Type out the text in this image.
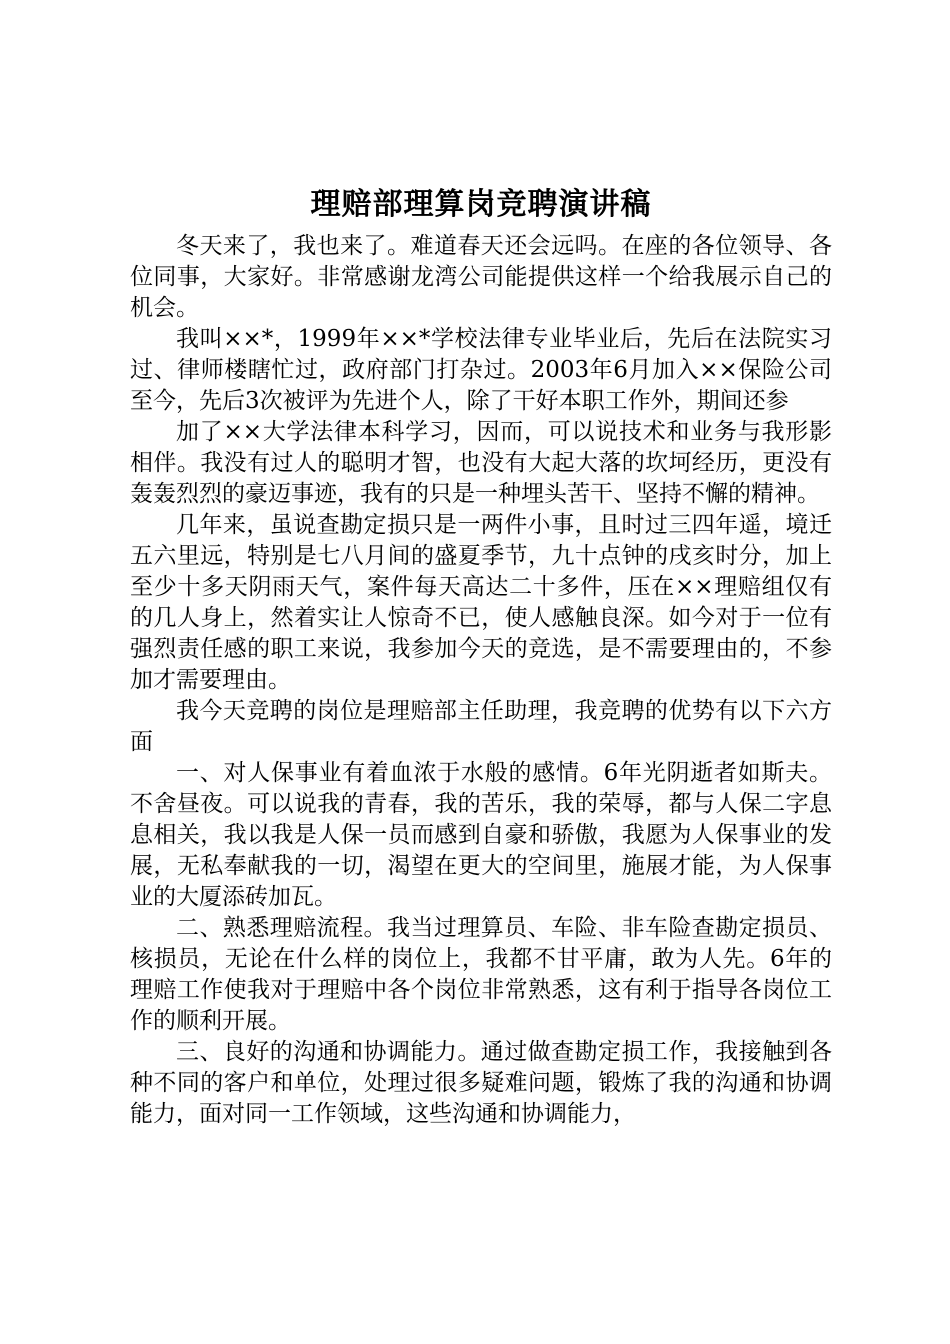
理赔部理算岗竞聘演讲稿

冬天来了，我也来了。难道春天还会远吗。在座的各位领导、各位同事，大家好。非常感谢龙湾公司能提供这样一个给我展示自己的机会。

我叫××*，1999年××*学校法律专业毕业后，先后在法院实习过、律师楼瞎忙过，政府部门打杂过。2003年6月加入××保险公司至今，先后3次被评为先进个人，除了干好本职工作外，期间还参

加了××大学法律本科学习，因而，可以说技术和业务与我形影相伴。我没有过人的聪明才智，也没有大起大落的坎坷经历，更没有轰轰烈烈的豪迈事迹，我有的只是一种埋头苦干、坚持不懈的精神。

几年来，虽说查勘定损只是一两件小事，且时过三四年遥，境迁五六里远，特别是七八月间的盛夏季节，九十点钟的戌亥时分，加上至少十多天阴雨天气，案件每天高达二十多件，压在××理赔组仅有的几人身上，然着实让人惊奇不已，使人感触良深。如今对于一位有强烈责任感的职工来说，我参加今天的竞选，是不需要理由的，不参加才需要理由。

我今天竞聘的岗位是理赔部主任助理，我竞聘的优势有以下六方面

一、对人保事业有着血浓于水般的感情。6年光阴逝者如斯夫。不舍昼夜。可以说我的青春，我的苦乐，我的荣辱，都与人保二字息息相关，我以我是人保一员而感到自豪和骄傲，我愿为人保事业的发展，无私奉献我的一切，渴望在更大的空间里，施展才能，为人保事业的大厦添砖加瓦。

二、熟悉理赔流程。我当过理算员、车险、非车险查勘定损员、核损员，无论在什么样的岗位上，我都不甘平庸，敢为人先。6年的理赔工作使我对于理赔中各个岗位非常熟悉，这有利于指导各岗位工作的顺利开展。

三、良好的沟通和协调能力。通过做查勘定损工作，我接触到各种不同的客户和单位，处理过很多疑难问题，锻炼了我的沟通和协调能力，面对同一工作领域，这些沟通和协调能力，
